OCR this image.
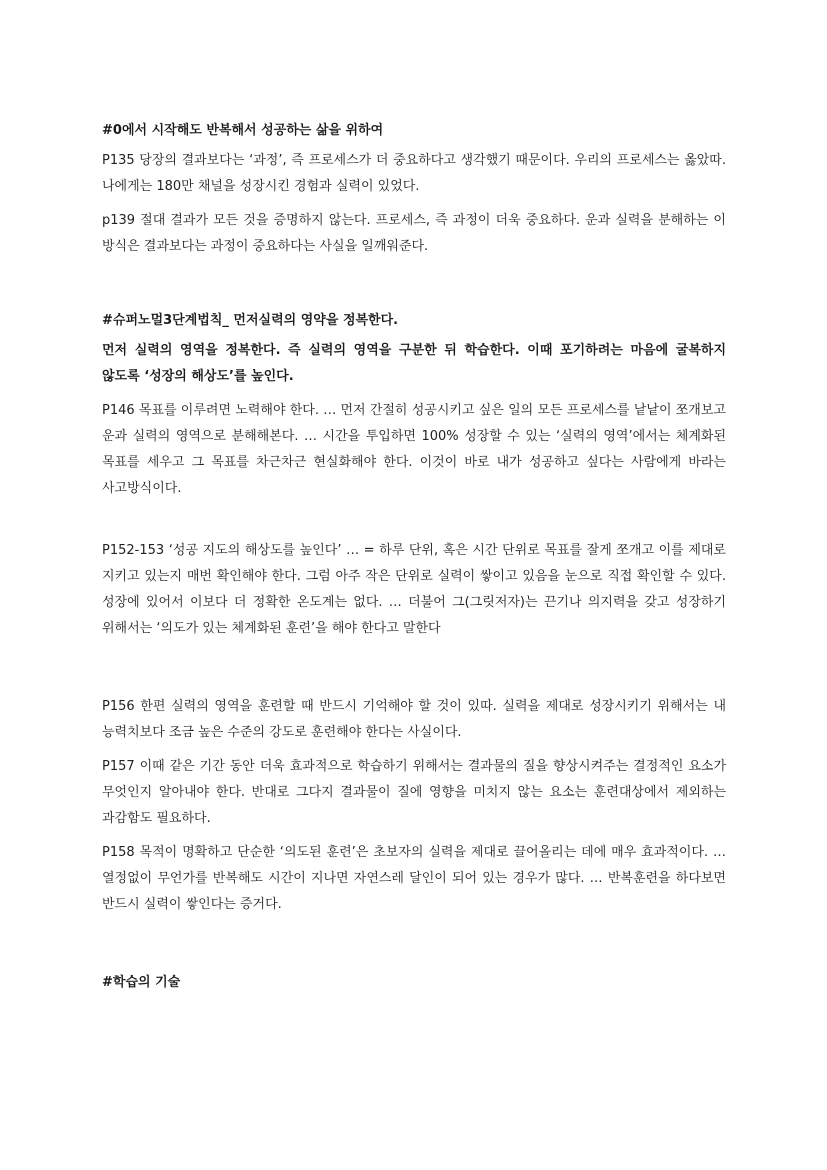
#0에서 시작해도 반복해서 성공하는 삶을 위하여

P135 당장의 결과보다는 ‘과정’, 즉 프로세스가 더 중요하다고 생각했기 때문이다. 우리의 프로세스는 옳았따. 나에게는 180만 채널을 성장시킨 경험과 실력이 있었다.

p139 절대 결과가 모든 것을 증명하지 않는다. 프로세스, 즉 과정이 더욱 중요하다. 운과 실력을 분해하는 이 방식은 결과보다는 과정이 중요하다는 사실을 일깨워준다.

#슈퍼노멀3단계법칙_ 먼저실력의 영약을 정복한다.

먼저 실력의 영역을 정복한다. 즉 실력의 영역을 구분한 뒤 학습한다. 이때 포기하려는 마음에 굴복하지 않도록 ‘성장의 해상도’를 높인다.

P146 목표를 이루려면 노력해야 한다. … 먼저 간절히 성공시키고 싶은 일의 모든 프로세스를 낱낱이 쪼개보고 운과 실력의 영역으로 분해해본다. … 시간을 투입하면 100% 성장할 수 있는 ‘실력의 영역’에서는 체계화된 목표를 세우고 그 목표를 차근차근 현실화해야 한다. 이것이 바로 내가 성공하고 싶다는 사람에게 바라는 사고방식이다.

P152-153 ‘성공 지도의 해상도를 높인다’ … = 하루 단위, 혹은 시간 단위로 목표를 잘게 쪼개고 이를 제대로 지키고 있는지 매번 확인해야 한다. 그럼 아주 작은 단위로 실력이 쌓이고 있음을 눈으로 직접 확인할 수 있다. 성장에 있어서 이보다 더 정확한 온도계는 없다. … 더불어 그(그릿저자)는 끈기나 의지력을 갖고 성장하기 위해서는 ‘의도가 있는 체계화된 훈련’을 해야 한다고 말한다

P156 한편 실력의 영역을 훈련할 때 반드시 기억해야 할 것이 있따. 실력을 제대로 성장시키기 위해서는 내 능력치보다 조금 높은 수준의 강도로 훈련해야 한다는 사실이다.

P157 이때 같은 기간 동안 더욱 효과적으로 학습하기 위해서는 결과물의 질을 향상시켜주는 결정적인 요소가 무엇인지 알아내야 한다. 반대로 그다지 결과물이 질에 영향을 미치지 않는 요소는 훈련대상에서 제외하는 과감함도 필요하다.

P158 목적이 명확하고 단순한 ‘의도된 훈련’은 초보자의 실력을 제대로 끌어올리는 데에 매우 효과적이다. … 열정없이 무언가를 반복해도 시간이 지나면 자연스레 달인이 되어 있는 경우가 많다. … 반복훈련을 하다보면 반드시 실력이 쌓인다는 증거다.

#학습의 기술
